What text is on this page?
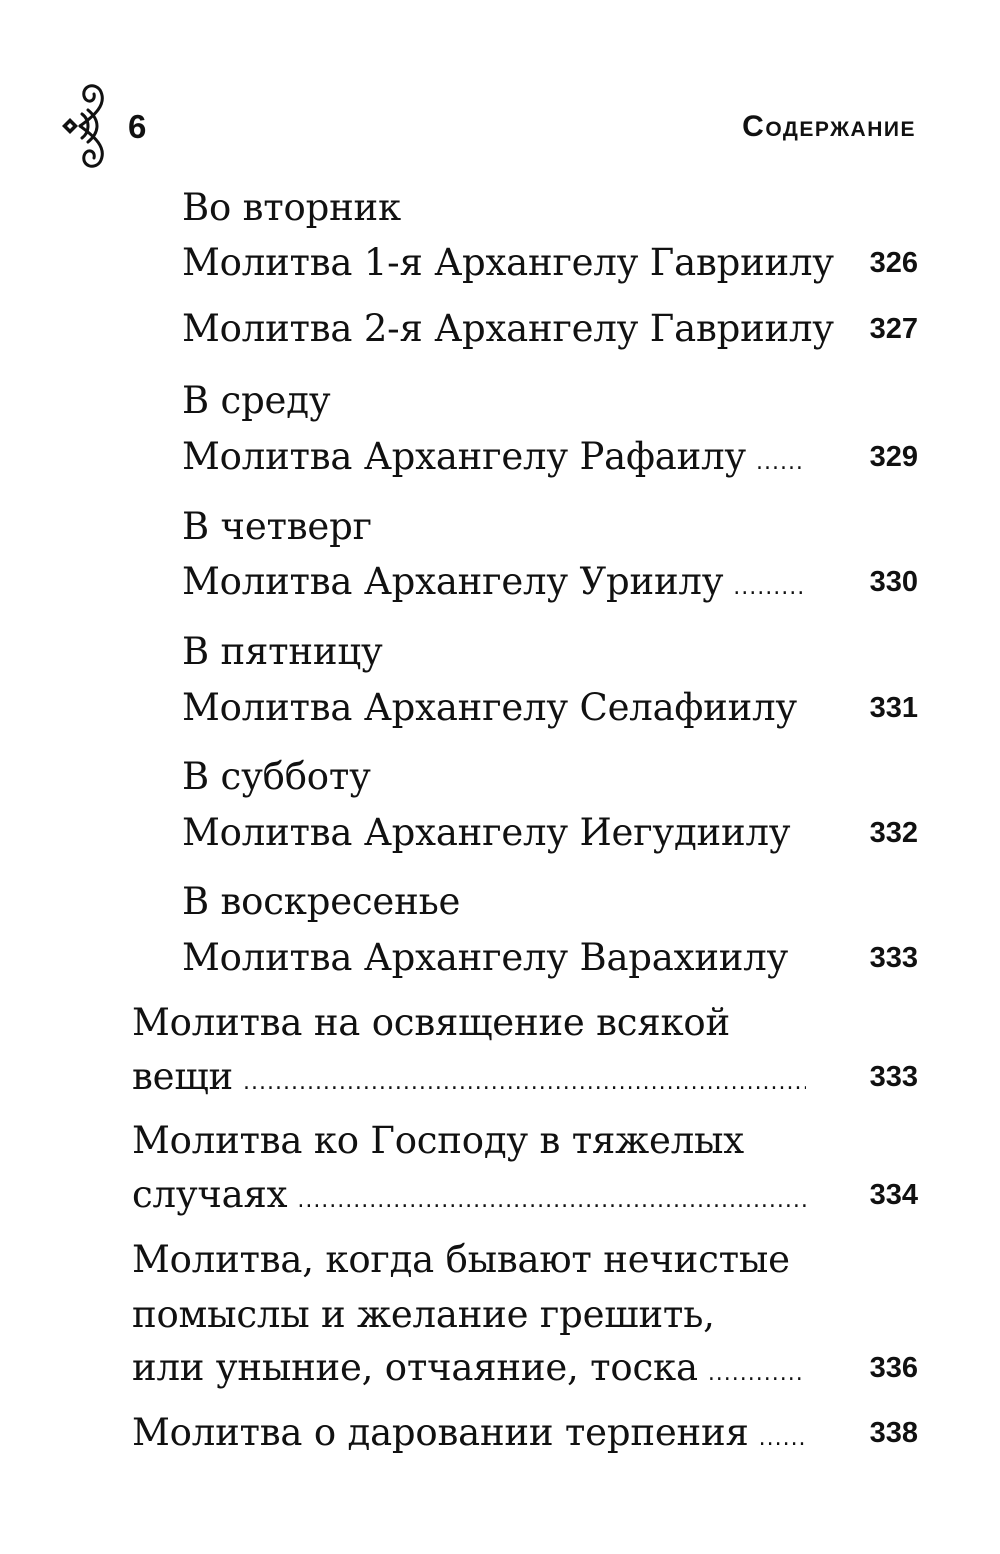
6	Содержание
Во вторник
Молитва 1-я Архангелу Гавриилу	326
Молитва 2-я Архангелу Гавриилу	327
В среду
Молитва Архангелу Рафаилу .....	329
В четверг
Молитва Архангелу Уриилу .....	330
В пятницу
Молитва Архангелу Селафиилу	331
В субботу
Молитва Архангелу Иегудиилу	332
В воскресенье
Молитва Архангелу Варахиилу	333
Молитва на освящение всякой
вещи .....	333
Молитва ко Господу в тяжелых
случаях .....	334
Молитва, когда бывают нечистые
помыслы и желание грешить,
или уныние, отчаяние, тоска .....	336
Молитва о даровании терпения .....	338
